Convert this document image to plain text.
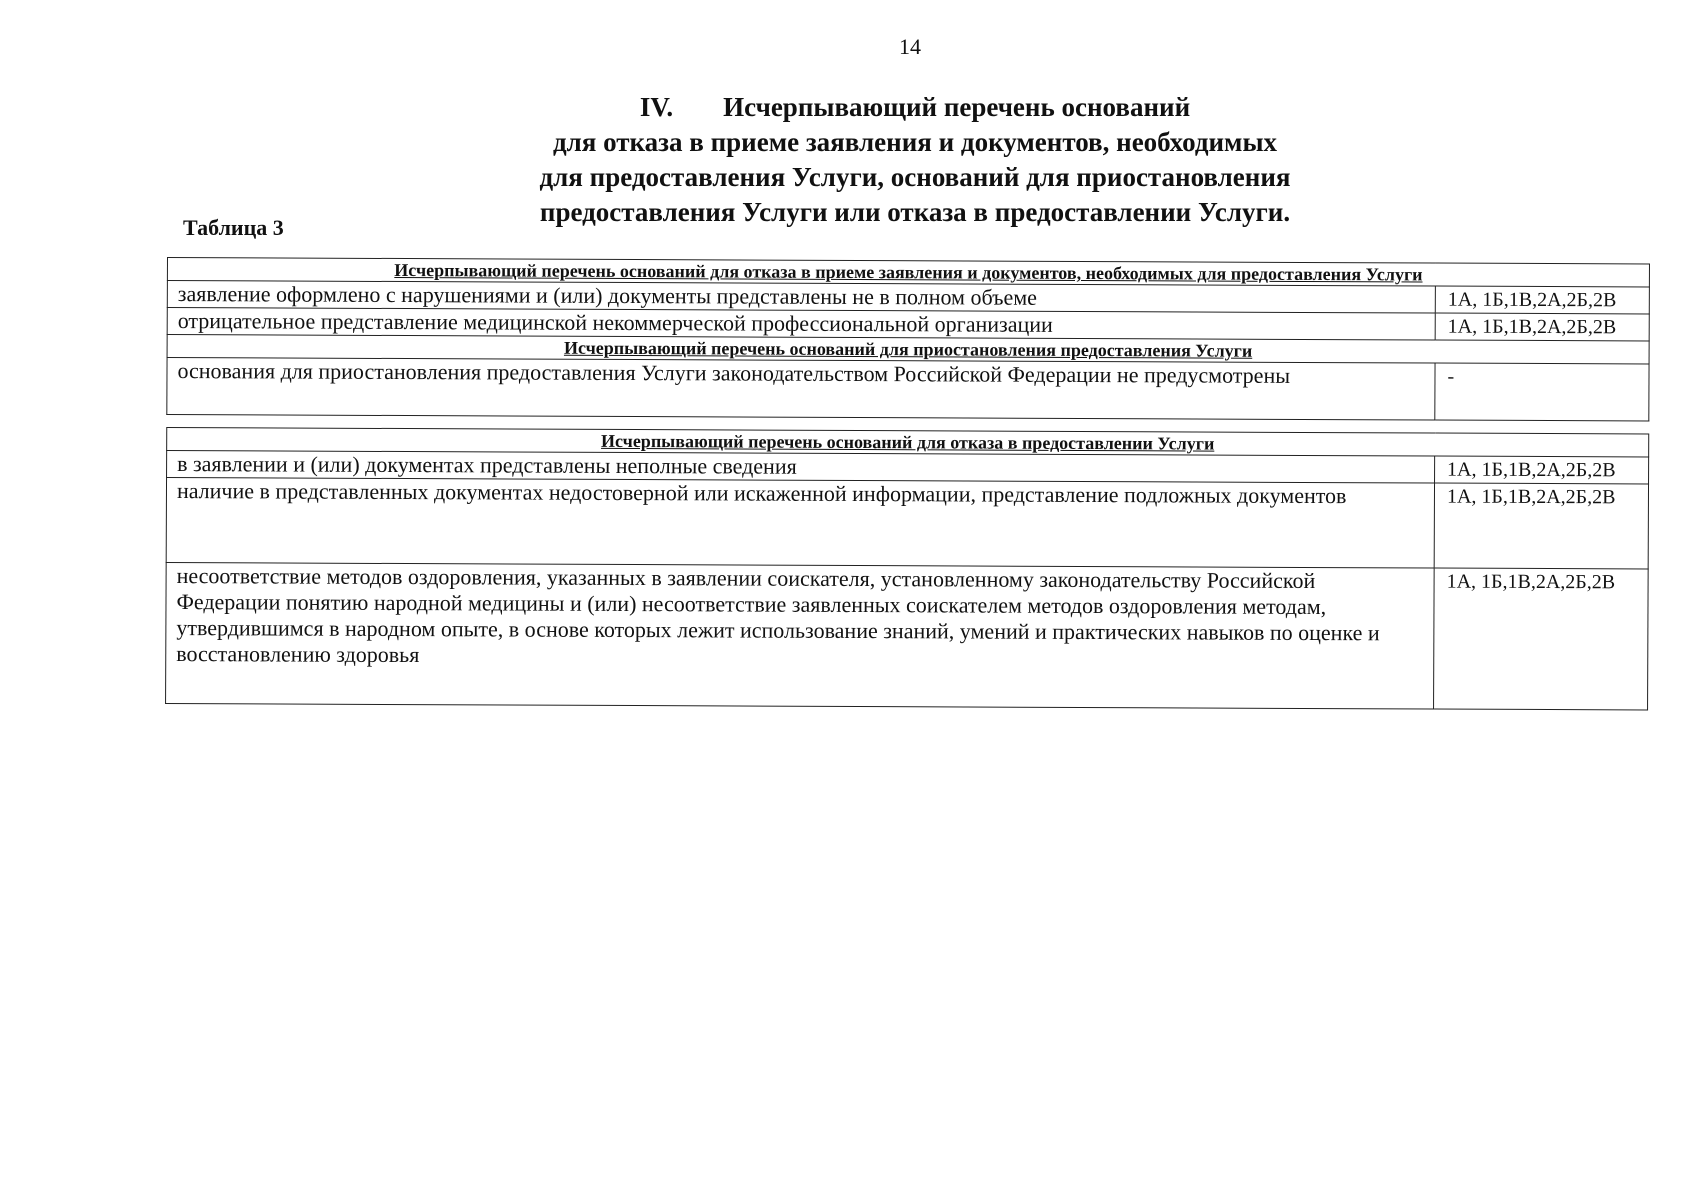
14
IV. Исчерпывающий перечень оснований
для отказа в приеме заявления и документов, необходимых
для предоставления Услуги, оснований для приостановления
предоставления Услуги или отказа в предоставлении Услуги.
Таблица 3
Исчерпывающий перечень оснований для отказа в приеме заявления и документов, необходимых для предоставления Услуги	
заявление оформлено с нарушениями и (или) документы представлены не в полном объеме	1А, 1Б,1В,2А,2Б,2В
отрицательное представление медицинской некоммерческой профессиональной организации	1А, 1Б,1В,2А,2Б,2В
Исчерпывающий перечень оснований для приостановления предоставления Услуги	
основания для приостановления предоставления Услуги законодательством Российской Федерации не предусмотрены	-

Исчерпывающий перечень оснований для отказа в предоставлении Услуги	
в заявлении и (или) документах представлены неполные сведения	1А, 1Б,1В,2А,2Б,2В
наличие в представленных документах недостоверной или искаженной информации, представление подложных документов	1А, 1Б,1В,2А,2Б,2В
несоответствие методов оздоровления, указанных в заявлении соискателя, установленному законодательству Российской Федерации понятию народной медицины и (или) несоответствие заявленных соискателем методов оздоровления методам, утвердившимся в народном опыте, в основе которых лежит использование знаний, умений и практических навыков по оценке и восстановлению здоровья	1А, 1Б,1В,2А,2Б,2В
